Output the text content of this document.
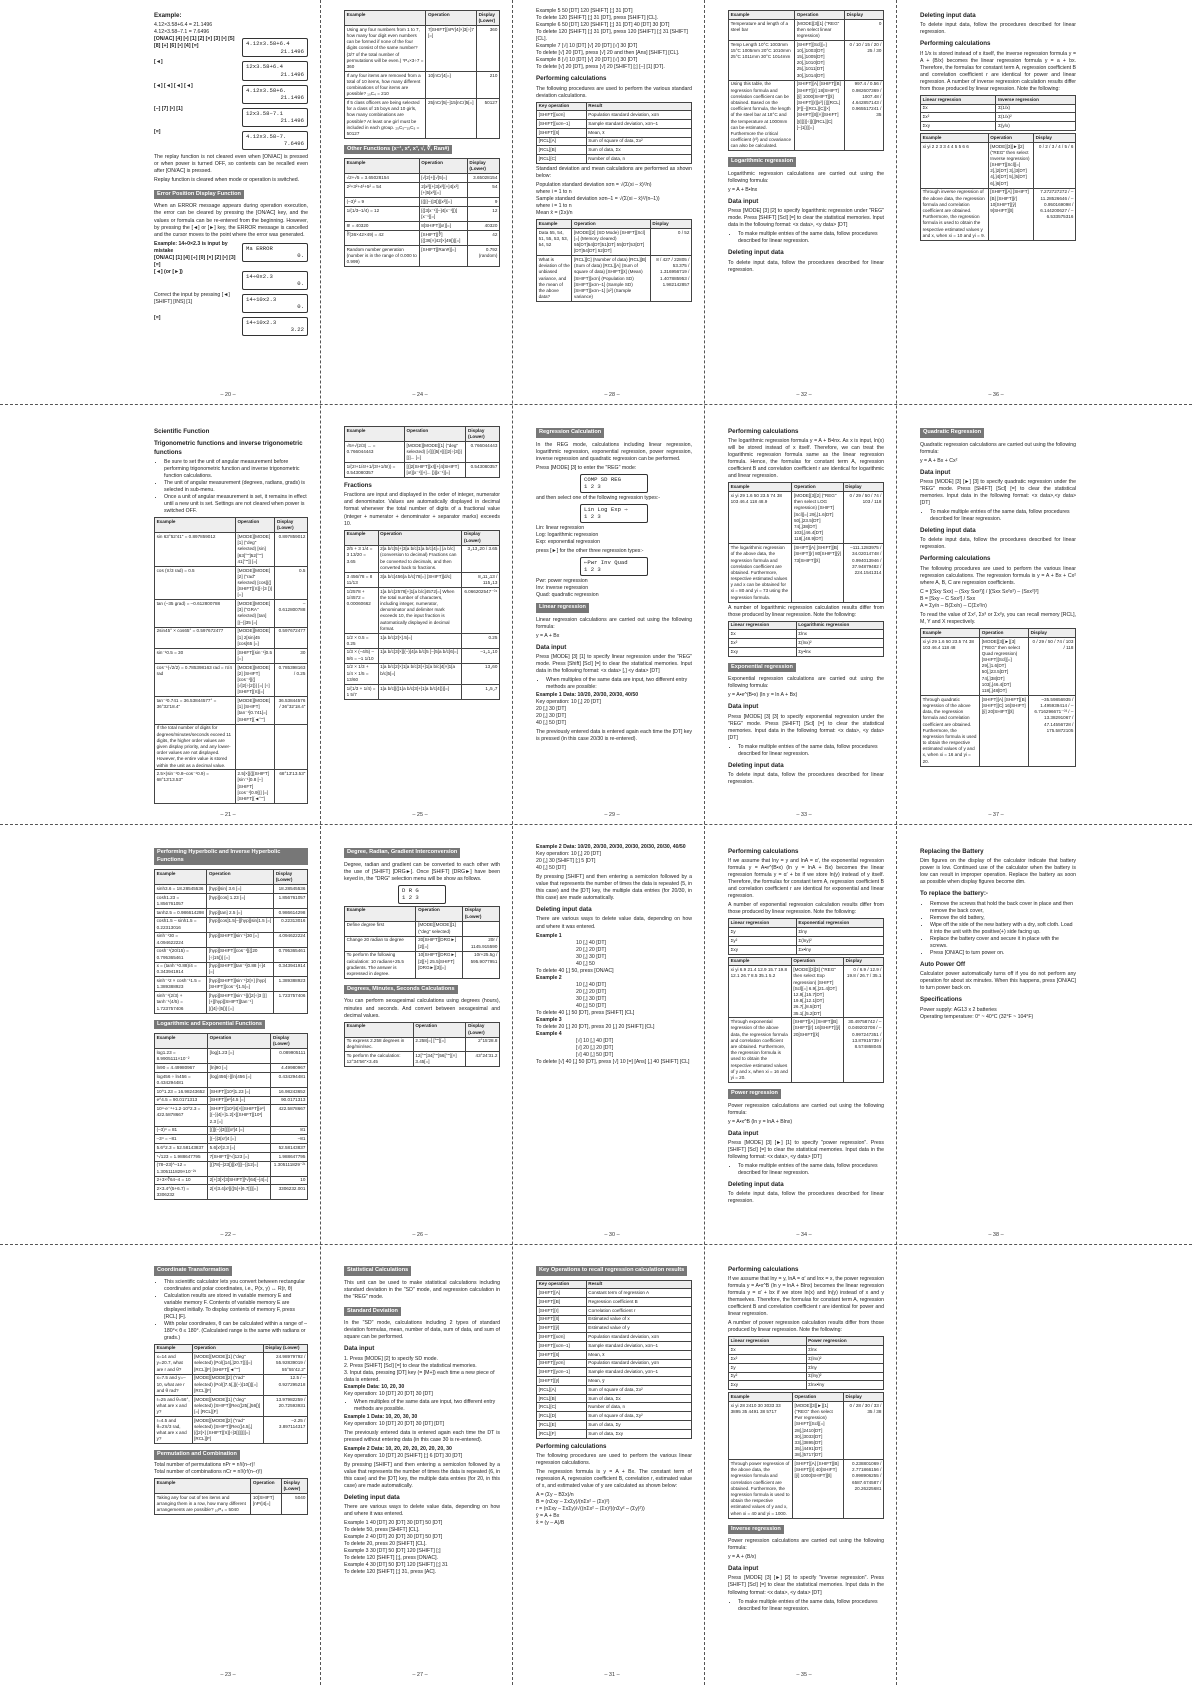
Example:
4.12×3.58+6.4 = 21.1496
4.12×3.58–7.1 = 7.6496
[ON/AC] [4] [•] [1] [2] [×] [3] [•] [5] [8] [+] [6] [•] [4] [=]	4.12x3.58+6.4
21.1496
[◄]
12x3.58+6.4
21.1496
[◄] [◄] [◄] [◄]
4.12x3.58+6.
21.1496
[–] [7] [•] [1]
12x3.58–7.1
21.1496
[=]
4.12x3.58–7.
7.6496

The replay function is not cleared even when [ON/AC] is pressed or when power is turned OFF, so contents can be recalled even after [ON/AC] is pressed.

Replay function is cleared when mode or operation is switched.

Error Position Display Function

When an ERROR message appears during operation execution, the error can be cleared by pressing the [ON/AC] key, and the values or formula can be re-entered from the beginning. However, by pressing the [◄] or [►] key, the ERROR message is cancelled and the cursor moves to the point where the error was generated.

Example: 14÷0×2.3 is input by mistake
[ON/AC] [1] [4] [÷] [0] [×] [2] [•] [3] [=]
Ma ERROR
0.
[◄] (or [►])
14÷0x2.3
0.
Correct the input by pressing [◄] [SHIFT] [INS] [1]	14÷10x2.3
0.
[=]
14÷10x2.3
3.22
– 20 –
Example	Operation	Display (Lower)
Using any four numbers from 1 to 7, how many four digit even numbers can be formed if none of the four digits consist of the same number? (3/7 of the total number of permutations will be even.) ⁷P₄×3÷7 = 360	7[SHIFT][nPr]4[×]3[÷]7 [=]	360
If any four items are removed from a total of 10 items, how many different combinations of four items are possible? ₁₀C₄ = 210	10[nCr]4[=]	210
If 5 class officers are being selected for a class of 15 boys and 10 girls, how many combinations are possible? At least one girl must be included in each group. ₂₅C₅–₁₅C₅ = 50127	25[nCr]5[–]15[nCr]5[=]	50127
Other Functions (x⁻¹, x², x³, √, ∛, Ran#)
Example	Operation	Display (Lower)
√2+√5 = 3.65028154	[√]2[+][√]5[=]	3.65028154
2²+3²+4²+5² = 54	2[x²][+]3[x²][+]4[x²][+]5[x²][=]	54
(–3)² = 9	[(][(–)]3[)][x²][=]	9
1/(1/3–1/4) = 12	[(]3[x⁻¹][–]4[x⁻¹][)][x⁻¹][=]	12
8! = 40320	8[SHIFT][x!][=]	40320
∛(36×42×49) = 42	[SHIFT][∛][(]36[×]42[×]49[)][=]	42
Random number generation (number is in the range of 0.000 to 0.999)	[SHIFT][Ran#][=]	0.792 (random)
– 24 –
Example 5 50 [DT] 120 [SHIFT] [;] 31 [DT]
To delete 120 [SHIFT] [;] 31 [DT], press [SHIFT] [CL].
Example 6 50 [DT] 120 [SHIFT] [;] 31 [DT] 40 [DT] 30 [DT]
To delete 120 [SHIFT] [;] 31 [DT], press 120 [SHIFT] [;] 31 [SHIFT] [CL].
Example 7 [√] 10 [DT] [√] 20 [DT] [√] 30 [DT]
To delete [√] 20 [DT], press [√] 20 and then [Ans] [SHIFT] [CL].
Example 8 [√] 10 [DT] [√] 20 [DT] [√] 30 [DT]
To delete [√] 20 [DT], press [√] 20 [SHIFT] [;] [–] [1] [DT].
Performing calculations

The following procedures are used to perform the various standard deviation calculations.

Key operation	Result
[SHIFT][xσn]	Population standard deviation, xσn
[SHIFT][xσn–1]	Sample standard deviation, xσn–1
[SHIFT][x̄]	Mean, x̄
[RCL][A]	Sum of square of data, Σx²
[RCL][B]	Sum of data, Σx
[RCL][C]	Number of data, n

Standard deviation and mean calculations are performed as shown below:

Population standard deviation xσn = √(Σ(xi – x̄)²/n)
where i = 1 to n
Sample standard deviation xσn–1 = √(Σ(xi – x̄)²/(n–1))
where i = 1 to n
Mean x̄ = (Σx)/n
Example	Operation	Display
Data 55, 54, 51, 55, 53, 53, 54, 52	[MODE][2] (SD Mode) [SHIFT][Scl][=] (Memory cleared) 55[DT]54[DT]51[DT] 55[DT]53[DT][DT]54[DT] 52[DT]	0 / 52
What is deviation of the unbiased variance, and the mean of the above data?	[RCL][C] (Number of data) [RCL][B] (Sum of data) [RCL][A] (Sum of square of data) [SHIFT][x̄] (Mean) [SHIFT][xσn] (Population SD) [SHIFT][xσn–1] (Sample SD) [SHIFT][xσn–1] [x²] (Sample variance)	8 / 427 / 22805 / 53.375 / 1.316956719 / 1.407885953 / 1.982142857
– 28 –
Example	Operation	Display
Temperature and length of a steel bar	[MODE][3][1] ("REG" then select linear regression)	0
Temp Length 10°C 1003mm 15°C 1005mm 20°C 1010mm 25°C 1011mm 30°C 1014mm	[SHIFT][Scl][=] 10[,]1003[DT] 15[,]1005[DT] 20[,]1010[DT] 25[,]1011[DT] 30[,]1014[DT]	0 / 10 / 15 / 20 / 25 / 30
Using this table, the regression formula and correlation coefficient can be obtained. Based on the coefficient formula, the length of the steel bar at 18°C and the temperature at 1000mm can be estimated. Furthermore the critical coefficient (r²) and covariance can also be calculated.	[SHIFT][A] [SHIFT][B] [SHIFT][r] 18[SHIFT][ŷ] 1000[SHIFT][x̂] [SHIFT][r][x²] [(][RCL][F][–][RCL][C][×][SHIFT][x̄][×][SHIFT][ȳ][)][÷][(][RCL][C][–]1[)][=]	997.4 / 0.56 / 0.982607369 / 1007.48 / 4.642857143 / 0.965517241 / 35
Logarithmic regression

Logarithmic regression calculations are carried out using the following formula:

y = A + B•lnx
Data input

Press [MODE] [3] [2] to specify logarithmic regression under "REG" mode. Press [SHIFT] [Scl] [=] to clear the statistical memories. Input data in the following format: <x data>, <y data> [DT]

• To make multiple entries of the same data, follow procedures described for linear regression.
Deleting input data

To delete input data, follow the procedures described for linear regression.

– 32 –
Deleting input data

To delete input data, follow the procedures described for linear regression.

Performing calculations

If 1/x is stored instead of x itself, the inverse regression formula y = A + (B/x) becomes the linear regression formula y = a + bx. Therefore, the formulas for constant term A, regression coefficient B and correlation coefficient r are identical for power and linear regression. A number of inverse regression calculation results differ from those produced by linear regression. Note the following:

Linear regression	Inverse regression
Σx	Σ(1/x)
Σx²	Σ(1/x)²
Σxy	Σ(y/x)
Example	Operation	Display
xi yi 2 2 3 3 4 4 5 5 6 6	[MODE][3][►][2] ("REG" then select Inverse regression) [SHIFT][Scl][=] 2[,]2[DT] 3[,]3[DT] 4[,]4[DT] 5[,]5[DT] 6[,]6[DT]	0 / 2 / 3 / 4 / 5 / 6
Through inverse regression of the above data, the regression formula and correlation coefficient are obtained. Furthermore, the regression formula is used to obtain the respective estimated values y and x, when xi = 10 and yi = 9.	[SHIFT][A] [SHIFT][B] [SHIFT][r] 10[SHIFT][ŷ] 9[SHIFT][x̂]	7.272727272 / –11.28526646 / –0.950169098 / 6.144200627 / –6.533575316
– 36 –
Scientific Function
Trigonometric functions and inverse trigonometric functions
• Be sure to set the unit of angular measurement before performing trigonometric function and inverse trigonometric function calculations.
• The unit of angular measurement (degrees, radians, grads) is selected in sub-menu.
• Once a unit of angular measurement is set, it remains in effect until a new unit is set. Settings are not cleared when power is switched OFF.
Example	Operation	Display (Lower)
sin 63°52'41" = 0.897859012	[MODE][MODE][1] ("deg" selected) [sin][63[°'"]52[°'"] 41[°'"]] [=]	0.897859012
cos (π/3 rad) = 0.5	[MODE][MODE][2] ("rad" selected) [cos][(][SHIFT][π][÷]3 [)] [=]	0.5
tan (–35 grad) = –0.612800788	[MODE][MODE][3] ("GRA" selected) [tan][(–)]35 [=]	–0.612800788
2sin45° × cos65° = 0.597672477	[MODE][MODE][1] 2[sin]45 [cos]65 [=]	0.597672477
sin⁻¹0.5 = 30	[SHIFT][sin⁻¹]0.5 [=]	30
cos⁻¹(√2/2) = 0.785398163 rad = π/4 rad	[MODE][MODE][2] [SHIFT][cos⁻¹][(][√]2[÷]2[)] [=] [÷][SHIFT][π][=]	0.785398163 / 0.25
tan⁻¹0.741 = 36.53844577° = 36°32'18.4"	[MODE][MODE][1] [SHIFT][tan⁻¹]0.741[=] [SHIFT][◄°'"]	36.53844576 / 36°32'18.4"
If the total number of digits for degrees/minutes/seconds exceed 11 digits, the higher order values are given display priority, and any lower-order values are not displayed. However, the entire value is stored within the unit as a decimal value.		
2.5×(sin⁻¹0.8–cos⁻¹0.9) = 68°13'13.53"	2.5[×][(][SHIFT][sin⁻¹]0.8 [–][SHIFT][cos⁻¹]0.9[)] [=][SHIFT][◄°'"]	68°13'13.53"
– 21 –
Example	Operation	Display (Lower)
√5×√(2/3) ... = 0.766044443	[MODE][MODE][1] ("deg" selected) [√][(]5[×][(]2[÷]3[)][)]... [=]	0.766044443
1/(2!+1/4!+1/(3!+1/5!)) = 0.543080357	[(]2[SHIFT][x!][+]4[SHIFT][x!][x⁻¹][+]... [)][x⁻¹][=]	0.543080357
Fractions

Fractions are input and displayed in the order of integer, numerator and denominator. Values are automatically displayed in decimal format whenever the total number of digits of a fractional value (integer + numerator + denominator + separator marks) exceeds 10.

Example	Operation	Display (Lower)
2/5 + 3 1/4 = 3 13/20 = 3.65	2[a b/c]5[+]3[a b/c]1[a b/c]4[=] [a b/c] (conversion to decimal) Fractions can be converted to decimals, and then converted back to fractions.	3⌟13⌟20 / 3.65
3 456/78 = 8 11/13	3[a b/c]456[a b/c]78[=] [SHIFT][d/c]	8⌟11⌟13 / 115⌟13
1/2578 + 1/4572 = 0.00060662	1[a b/c]2578[+]1[a b/c]4572[=] When the total number of characters, including integer, numerator, denominator and delimiter mark exceeds 10, the input fraction is automatically displayed in decimal format.	6.066202547⁻⁰⁴
1/2 × 0.5 = 0.25	1[a b/c]2[×].5[=]	0.25
1/3 × (–4/5) – 5/6 = –1 1/10	1[a b/c]3[×][(–)]4[a b/c]5 [–]5[a b/c]6[=]	–1⌟1⌟10
1/2 × 1/3 + 1/4 × 1/5 = 13/60	1[a b/c]2[×]1[a b/c]3[+]1[a b/c]4[×]1[a b/c]5[=]	13⌟60
1/(1/3 + 1/4) = 1 5/7	1[a b/c][(]1[a b/c]3[+]1[a b/c]4[)][=]	1⌟5⌟7
– 25 –
Regression Calculation

In the REG mode, calculations including linear regression, logarithmic regression, exponential regression, power regression, inverse regression and quadratic regression can be performed.

Press [MODE] [3] to enter the "REG" mode:

COMP SD REG
1 2 3

and then select one of the following regression types:-

Lin Log Exp ⇒
1 2 3
Lin: linear regression
Log: logarithmic regression
Exp: exponential regression

press [►] for the other three regression types:-

⇐Pwr Inv Quad
1 2 3
Pwr: power regression
Inv: inverse regression
Quad: quadratic regression
Linear regression

Linear regression calculations are carried out using the following formula:

y = A + Bx
Data input

Press [MODE] [3] [1] to specify linear regression under the "REG" mode. Press [Shift] [Scl] [=] to clear the statistical memories. Input data in the following format: <x data> [,] <y data> [DT]

• When multiples of the same data are input, two different entry methods are possible:
Example 1 Data: 10/20, 20/30, 20/30, 40/50
Key operation: 10 [,] 20 [DT]
20 [,] 30 [DT]
20 [,] 30 [DT]
40 [,] 50 [DT]

The previously entered data is entered again each time the [DT] key is pressed (in this case 20/30 is re-entered).

– 29 –
Performing calculations

The logarithmic regression formula y = A + B•lnx. As x is input, ln(x) will be stored instead of x itself. Therefore, we can treat the logarithmic regression formula same as the linear regression formula. Hence, the formulas for constant term A, regression coefficient B and correlation coefficient r are identical for logarithmic and linear regression.

Example	Operation	Display
xi yi 29 1.6 50 23.5 74 38 103 46.4 118 48.9	[MODE][3][2] ("REG" then select LOG regression) [SHIFT][Scl][=] 29[,]1.6[DT] 50[,]23.5[DT] 74[,]38[DT] 103[,]46.4[DT] 118[,]48.9[DT]	0 / 29 / 50 / 74 / 103 / 118
The logarithmic regression of the above data, the regression formula and correlation coefficient are obtained. Furthermore, respective estimated values y and x can be obtained for xi = 80 and yi = 73 using the regression formula.	[SHIFT][A] [SHIFT][B] [SHIFT][r] 80[SHIFT][ŷ] 73[SHIFT][x̂]	–111.1283975 / 34.02014748 / 0.994013946 / 37.94879482 / 224.1541314

A number of logarithmic regression calculation results differ from those produced by linear regression. Note the following:

Linear regression	Logarithmic regression
Σx	Σlnx
Σx²	Σ(lnx)²
Σxy	Σy•lnx
Exponential regression

Exponential regression calculations are carried out using the following formula:

y = A•e^(B•x) (ln y = ln A + Bx)
Data input

Press [MODE] [3] [3] to specify exponential regression under the "REG" mode. Press [SHIFT] [Scl] [=] to clear the statistical memories. Input data in the following format: <x data>, <y data> [DT]

• To make multiple entries of the same data, follow procedures described for linear regression.
Deleting input data

To delete input data, follow the procedures described for linear regression.

– 33 –
Quadratic Regression

Quadratic regression calculations are carried out using the following formula:

y = A + Bx + Cx²
Data input

Press [MODE] [3] [►] [3] to specify quadratic regression under the "REG" mode. Press [SHIFT] [Scl] [=] to clear the statistical memories. Input data in the following format: <x data>,<y data> [DT]

• To make multiple entries of the same data, follow procedures described for linear regression.
Deleting input data

To delete input data, follow the procedures described for linear regression.

Performing calculations

The following procedures are used to perform the various linear regression calculations. The regression formula is y = A + Bx + Cx² where A, B, C are regression coefficients.

C = [(Sxy Sxx) – (Sxy Sxx²)] / [(Sxx Sx²x²) – (Sxx²)²]
B = [Sxy – C Sxx²] / Sxx
A = Σy/n – B(Σx/n) – C(Σx²/n)

To read the value of Σx², Σx³ or Σx²y, you can recall memory [RCL], M, Y and X respectively.

Example	Operation	Display
xi yi 29 1.6 50 23.5 74 38 103 46.4 118 48	[MODE][3][►][3] ("REG" then select Quad regression) [SHIFT][Scl][=] 29[,]1.6[DT] 50[,]23.5[DT] 74[,]38[DT] 103[,]46.4[DT] 118[,]48[DT]	0 / 29 / 50 / 74 / 103 / 118
Through quadratic regression of the above data, the regression formula and correlation coefficient are obtained. Furthermore, the regression formula is used to obtain the respective estimated values of y and x, when xi = 16 and yi = 20.	[SHIFT][A] [SHIFT][B] [SHIFT][C] 16[SHIFT][ŷ] 20[SHIFT][x̂]	–35.59856935 / 1.495939414 / –6.716296671⁻⁰³ / –13.38291067 / 47.14556728 / 175.5872105
– 37 –
Performing Hyperbolic and Inverse Hyperbolic Functions
Example	Operation	Display (Lower)
sinh3.6 = 18.28545536	[hyp][sin] 3.6 [=]	18.28545536
cosh1.23 = 1.856761057	[hyp][cos] 1.23 [=]	1.856761057
tanh2.5 = 0.986614298	[hyp][tan] 2.5 [=]	0.986614298
cosh1.5 – sinh1.5 = 0.22313016	[hyp][cos]1.5[–][hyp][sin]1.5 [=]	0.22313016
sinh⁻¹30 = 4.094622224	[hyp][SHIFT][sin⁻¹]30 [=]	4.094622224
cosh⁻¹(20/15) = 0.795365461	[hyp][SHIFT][cos⁻¹][(]20 [÷]15[)] [=]	0.795365461
x = (tanh⁻¹0.88)/4 = 0.343941914	[hyp][SHIFT][tan⁻¹]0.88 [÷]4 [=]	0.343941914
sinh⁻¹2 × cosh⁻¹1.5 = 1.389388923	[hyp][SHIFT][sin⁻¹]2[×] [hyp][SHIFT][cos⁻¹]1.5[=]	1.389388923
sinh⁻¹(2/3) + tanh⁻¹(4/5) = 1.723757406	[hyp][SHIFT][sin⁻¹][(]2[÷]3 [)][+][hyp][SHIFT][tan⁻¹] [(]4[÷]5[)] [=]	1.723757406
Logarithmic and Exponential Functions
Example	Operation	Display (Lower)
log1.23 = 8.9905111×10⁻²	[log]1.23 [=]	0.089905111
ln90 = 4.49980967	[ln]90 [=]	4.49980967
log456 ÷ ln456 = 0.434294481	[log]456[÷][ln]456 [=]	0.434294481
10^1.23 = 16.98243652	[SHIFT][10ˣ]1.23 [=]	16.98243652
e^4.5 = 90.0171313	[SHIFT][eˣ]4.5 [=]	90.0171313
10⁴·e⁻⁴+1.2·10^2.3 = 422.5878667	[SHIFT][10ˣ]4[×][SHIFT][eˣ] [(–)]4[+]1.2[×][SHIFT][10ˣ] 2.3 [=]	422.5878667
(–3)⁴ = 81	[(][(–)]3[)][xʸ]4 [=]	81
–3⁴ = –81	[(–)]3[xʸ]4 [=]	–81
5.6^2.3 = 52.58143837	5.6[xʸ]2.3 [=]	52.58143837
⁷√123 = 1.988647795	7[SHIFT][ˣ√]123 [=]	1.988647795
(78–23)^–12 = 1.305111829×10⁻²¹	[(]78[–]23[)][xʸ][(–)]12[=]	1.305111829⁻²¹
2+3×∛64–4 = 10	2[+]3[×]3[SHIFT][ˣ√]64[–]4[=]	10
2×3.4^(5+6.7) = 3306232	2[×]3.4[xʸ][(]5[+]6.7[)][=]	3306232.001
– 22 –
Degree, Radian, Gradient Interconversion

Degree, radian and gradient can be converted to each other with the use of [SHIFT] [DRG►]. Once [SHIFT] [DRG►] have been keyed in, the "DRG" selection menu will be show as follows.

D R G
1 2 3
Example	Operation	Display (Lower)
Define degree first	[MODE][MODE][1] ("deg" selected)	
Change 20 radian to degree	20[SHIFT][DRG►][2][=]	20r / 1145.915590
To perform the following calculation: 10 radians+25.5 gradients. The answer is expressed in degree.	10[SHIFT][DRG►][2][+] 25.5[SHIFT][DRG►][3][=]	10r+25.5g / 595.9077951
Degrees, Minutes, Seconds Calculations

You can perform sexagesimal calculations using degrees (hours), minutes and seconds. And convert between sexagesimal and decimal values.

Example	Operation	Display (Lower)
To express 2.258 degrees in deg/min/sec.	2.258[=] [°'"][=]	2°15'28.8
To perform the calculation: 12°34'56"×3.45	12[°'"]34[°'"]56[°'"][×] 3.45[=]	43°24'31.2
– 26 –
Example 2 Data: 10/20, 20/30, 20/30, 20/30, 20/30, 20/30, 40/50
Key operation: 10 [,] 20 [DT]
20 [,] 30 [SHIFT] [;] 5 [DT]
40 [,] 50 [DT]

By pressing [SHIFT] and then entering a semicolon followed by a value that represents the number of times the data is repeated (5, in this case) and the [DT] key, the multiple data entries (for 20/30, in this case) are made automatically.

Deleting input data

There are various ways to delete value data, depending on how and where it was entered.

Example 1
10 [,] 40 [DT]
20 [,] 20 [DT]
30 [,] 30 [DT]
40 [,] 50
To delete 40 [,] 50, press [ON/AC]
Example 2
10 [,] 40 [DT]
20 [,] 20 [DT]
30 [,] 30 [DT]
40 [,] 50 [DT]
To delete 40 [,] 50 [DT], press [SHIFT] [CL]
Example 3
To delete 20 [,] 20 [DT], press 20 [,] 20 [SHIFT] [CL]
Example 4
[√] 10 [,] 40 [DT]
[√] 20 [,] 20 [DT]
[√] 40 [,] 50 [DT]
To delete [√] 40 [,] 50 [DT], press [√] 10 [=] [Ans] [,] 40 [SHIFT] [CL]
– 30 –
Performing calculations

If we assume that lny = y and lnA = α', the exponential regression formula y = A•e^(B•x) (ln y = lnA + Bx) becomes the linear regression formula y = α' + bx if we store ln(y) instead of y itself. Therefore, the formulas for constant term A, regression coefficient B and correlation coefficient r are identical for exponential and linear regression.

A number of exponential regression calculation results differ from those produced by linear regression. Note the following:

Linear regression	Exponential regression
Σy	Σlny
Σy²	Σ(lny)²
Σxy	Σx•lny
Example	Operation	Display
xi yi 6.9 21.4 12.9 15.7 19.8 12.1 26.7 8.5 35.1 5.2	[MODE][3][3] ("REG" then select Exp regression) [SHIFT][Scl][=] 6.9[,]21.4[DT] 12.9[,]15.7[DT] 19.8[,]12.1[DT] 26.7[,]8.5[DT] 35.1[,]5.2[DT]	0 / 6.9 / 12.9 / 19.8 / 26.7 / 35.1
Through exponential regression of the above data, the regression formula and correlation coefficient are obtained. Furthermore, the regression formula is used to obtain the respective estimated values of y and x, when xi = 16 and yi = 20.	[SHIFT][A] [SHIFT][B] [SHIFT][r] 16[SHIFT][ŷ] 20[SHIFT][x̂]	30.49758742 / –0.049203708 / –0.997247351 / 13.87915739 / 8.574868045
Power regression

Power regression calculations are carried out using the following formula:

y = A•x^B (ln y = lnA + Blnx)
Data input

Press [MODE] [3] [►] [1] to specify "power regression". Press [SHIFT] [Scl] [=] to clear the statistical memories. Input data in the following format: <x data>, <y data> [DT]

• To make multiple entries of the same data, follow procedures described for linear regression.
Deleting input data

To delete input data, follow the procedures described for linear regression.

– 34 –
Replacing the Battery

Dim figures on the display of the calculator indicate that battery power is low. Continued use of the calculator when the battery is low can result in improper operation. Replace the battery as soon as possible when display figures become dim.

To replace the battery:-
• Remove the screws that hold the back cover in place and then remove the back cover,
• Remove the old battery,
• Wipe off the side of the new battery with a dry, soft cloth. Load it into the unit with the positive(+) side facing up.
• Replace the battery cover and secure it in place with the screws.
• Press [ON/AC] to turn power on.
Auto Power Off

Calculator power automatically turns off if you do not perform any operation for about six minutes. When this happens, press [ON/AC] to turn power back on.

Specifications
Power supply: AG13 x 2 batteries
Operating temperature: 0° ~ 40°C (32°F ~ 104°F)
– 38 –
Coordinate Transformation
• This scientific calculator lets you convert between rectangular coordinates and polar coordinates, i.e., P(x, y) ↔ R(r, θ)
• Calculation results are stored in variable memory E and variable memory F. Contents of variable memory E are displayed initially. To display contents of memory F, press [RCL] [F].
• With polar coordinates, θ can be calculated within a range of –180°< θ ≤ 180°. (Calculated range is the same with radians or grads.)
Example	Operation	Display (Lower)
x=14 and y=20.7, what are r and θ?	[MODE][MODE][1] ("deg" selected) [Pol(]14[,]20.7[)][=] [RCL][F] [SHIFT][◄°'"]	24.98979792 / 55.92839019 / 55°55'42.2"
x=7.5 and y=–10, what are r and θ rad?	[MODE][MODE][2] ("rad" selected) [Pol(]7.5[,][(–)]10[)][=] [RCL][F]	12.5 / –0.927295218
r=25 and θ=56°, what are x and y?	[MODE][MODE][1] ("deg" selected) [SHIFT][Rec(]25[,]56[)][=] [RCL][F]	13.97982259 / 20.72593931
r=4.5 and θ=2π/3 rad, what are x and y?	[MODE][MODE][2] ("rad" selected) [SHIFT][Rec(]4.5[,][(]2[×] [SHIFT][π][÷]3[)][)][=] [RCL][F]	–2.25 / 3.897114317
Permutation and Combination
Total number of permutations nPr = n!/(n–r)!
Total number of combinations nCr = n!/(r!(n–r)!)
Example	Operation	Display (Lower)
Taking any four out of ten items and arranging them in a row, how many different arrangements are possible? ₁₀P₄ = 5040	10[SHIFT][nPr]4[=]	5040
– 23 –
Statistical Calculations

This unit can be used to make statistical calculations including standard deviation in the "SD" mode, and regression calculation in the "REG" mode.

Standard Deviation

In the "SD" mode, calculations including 2 types of standard deviation formulas, mean, number of data, sum of data, and sum of square can be performed.

Data input
1. Press [MODE] [2] to specify SD mode.
2. Press [SHIFT] [Scl] [=] to clear the statistical memories.
3. Input data, pressing [DT] key (= [M+]) each time a new piece of data is entered.
Example Data: 10, 20, 30
Key operation: 10 [DT] 20 [DT] 30 [DT]
• When multiples of the same data are input, two different entry methods are possible.
Example 1 Data: 10, 20, 30, 30
Key operation: 10 [DT] 20 [DT] 30 [DT] [DT]

The previously entered data is entered again each time the DT is pressed without entering data (in this case 30 is re-entered).

Example 2 Data: 10, 20, 20, 20, 20, 20, 20, 30
Key operation: 10 [DT] 20 [SHIFT] [;] 6 [DT] 30 [DT]

By pressing [SHIFT] and then entering a semicolon followed by a value that represents the number of times the data is repeated (6, in this case) and the [DT] key, the multiple data entries (for 20, in this case) are made automatically.

Deleting input data

There are various ways to delete value data, depending on how and where it was entered.

Example 1 40 [DT] 20 [DT] 30 [DT] 50 [DT]
To delete 50, press [SHIFT] [CL].
Example 2 40 [DT] 20 [DT] 30 [DT] 50 [DT]
To delete 20, press 20 [SHIFT] [CL].
Example 3 30 [DT] 50 [DT] 120 [SHIFT] [;]
To delete 120 [SHIFT] [;], press [ON/AC].
Example 4 30 [DT] 50 [DT] 120 [SHIFT] [;] 31
To delete 120 [SHIFT] [;] 31, press [AC].
– 27 –
Key Operations to recall regression calculation results
Key operation	Result
[SHIFT][A]	Constant term of regression A
[SHIFT][B]	Regression coefficient B
[SHIFT][r]	Correlation coefficient r
[SHIFT][x̂]	Estimated value of x
[SHIFT][ŷ]	Estimated value of y
[SHIFT][xσn]	Population standard deviation, xσn
[SHIFT][xσn–1]	Sample standard deviation, xσn–1
[SHIFT][x̄]	Mean, x̄
[SHIFT][yσn]	Population standard deviation, yσn
[SHIFT][yσn–1]	Sample standard deviation, yσn–1
[SHIFT][ȳ]	Mean, ȳ
[RCL][A]	Sum of square of data, Σx²
[RCL][B]	Sum of data, Σx
[RCL][C]	Number of data, n
[RCL][D]	Sum of square of data, Σy²
[RCL][E]	Sum of data, Σy
[RCL][F]	Sum of data, Σxy
Performing calculations

The following procedures are used to perform the various linear regression calculations.

The regression formula is y = A + Bx. The constant term of regression A, regression coefficient B, correlation r, estimated value of x, and estimated value of y are calculated as shown below:

A = (Σy – BΣx)/n
B = (nΣxy – ΣxΣy)/(nΣx² – (Σx)²)
r = (nΣxy – ΣxΣy)/√((nΣx² – (Σx)²)(nΣy² – (Σy)²))
ŷ = A + Bx
x̂ = (y – A)/B
– 31 –
Performing calculations

If we assume that lny = y, lnA = α' and lnx = x, the power regression formula y = A•x^B (ln y = lnA + Blnx) becomes the linear regression formula y = α' + bx if we store ln(x) and ln(y) instead of x and y themselves. Therefore, the formulas for constant term A, regression coefficient B and correlation coefficient r are identical for power and linear regression.

A number of power regression calculation results differ from those produced by linear regression. Note the following:

Linear regression	Power regression
Σx	Σlnx
Σx²	Σ(lnx)²
Σy	Σlny
Σy²	Σ(lny)²
Σxy	Σlnx•lny
Example	Operation	Display
xi yi 28 2410 30 3033 33 3895 35 4491 38 5717	[MODE][3][►][1] ("REG" then select Pwr regression) [SHIFT][Scl][=] 28[,]2410[DT] 30[,]3033[DT] 33[,]3895[DT] 35[,]4491[DT] 38[,]5717[DT]	0 / 28 / 30 / 33 / 35 / 38
Through power regression of the above data, the regression formula and correlation coefficient are obtained. Furthermore, the regression formula is used to obtain the respective estimated values of y and x, when xi = 40 and yi = 1000.	[SHIFT][A] [SHIFT][B] [SHIFT][r] 40[SHIFT][ŷ] 1000[SHIFT][x̂]	0.238801069 / 2.771866156 / 0.998906255 / 6587.674587 / 20.26225681
Inverse regression

Power regression calculations are carried out using the following formula:

y = A + (B/x)
Data input

Press [MODE] [3] [►] [2] to specify "inverse regression". Press [SHIFT] [Scl] [=] to clear the statistical memories. Input data in the following format: <x data>, <y data> [DT]

• To make multiple entries of the same data, follow procedures described for linear regression.
– 35 –
